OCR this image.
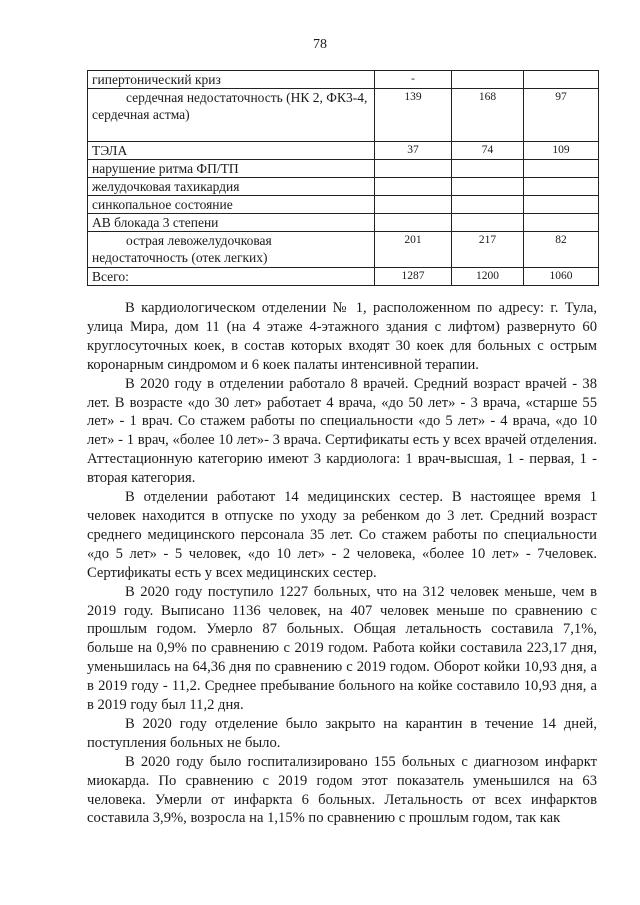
78
гипертонический криз	-		
сердечная недостаточность (НК 2, ФК3-4, сердечная астма)	139	168	97
ТЭЛА	37	74	109
нарушение ритма ФП/ТП			
желудочковая тахикардия			
синкопальное состояние			
АВ блокада 3 степени			
острая левожелудочковая недостаточность (отек легких)	201	217	82
Всего:	1287	1200	1060

В кардиологическом отделении № 1, расположенном по адресу: г. Тула, улица Мира, дом 11 (на 4 этаже 4-этажного здания с лифтом) развернуто 60 круглосуточных коек, в состав которых входят 30 коек для больных с острым коронарным синдромом и 6 коек палаты интенсивной терапии.

В 2020 году в отделении работало 8 врачей. Средний возраст врачей - 38 лет. В возрасте «до 30 лет» работает 4 врача, «до 50 лет» - 3 врача, «старше 55 лет» - 1 врач. Со стажем работы по специальности «до 5 лет» - 4 врача, «до 10 лет» - 1 врач, «более 10 лет»- 3 врача. Сертификаты есть у всех врачей отделения. Аттестационную категорию имеют 3 кардиолога: 1 врач-высшая, 1 - первая, 1 - вторая категория.

В отделении работают 14 медицинских сестер. В настоящее время 1 человек находится в отпуске по уходу за ребенком до 3 лет. Средний возраст среднего медицинского персонала 35 лет. Со стажем работы по специальности «до 5 лет» - 5 человек, «до 10 лет» - 2 человека, «более 10 лет» - 7человек. Сертификаты есть у всех медицинских сестер.

В 2020 году поступило 1227 больных, что на 312 человек меньше, чем в 2019 году. Выписано 1136 человек, на 407 человек меньше по сравнению с прошлым годом. Умерло 87 больных. Общая летальность составила 7,1%, больше на 0,9% по сравнению с 2019 годом. Работа койки составила 223,17 дня, уменьшилась на 64,36 дня по сравнению с 2019 годом. Оборот койки 10,93 дня, а в 2019 году - 11,2. Среднее пребывание больного на койке составило 10,93 дня, а в 2019 году был 11,2 дня.

В 2020 году отделение было закрыто на карантин в течение 14 дней, поступления больных не было.

В 2020 году было госпитализировано 155 больных с диагнозом инфаркт миокарда. По сравнению с 2019 годом этот показатель уменьшился на 63 человека. Умерли от инфаркта 6 больных. Летальность от всех инфарктов составила 3,9%, возросла на 1,15% по сравнению с прошлым годом, так как
